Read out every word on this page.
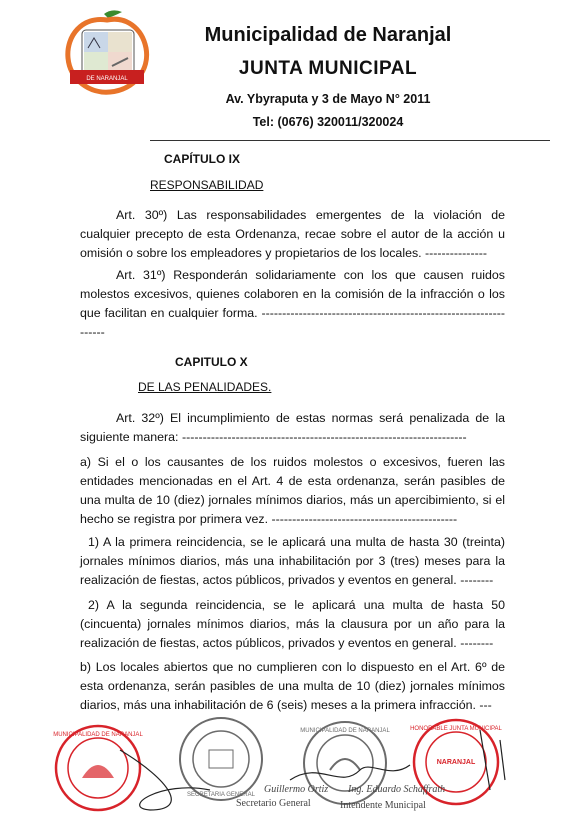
DE NARANJAL
Municipalidad de Naranjal
JUNTA MUNICIPAL
Av. Ybyraputa y 3 de Mayo N° 2011
Tel: (0676) 320011/320024
CAPÍTULO IX
RESPONSABILIDAD
Art. 30º) Las responsabilidades emergentes de la violación de cualquier precepto de esta Ordenanza, recae sobre el autor de la acción u omisión o sobre los empleadores y propietarios de los locales. ---------------
Art. 31º) Responderán solidariamente con los que causen ruidos molestos excesivos, quienes colaboren en la comisión de la infracción o los que facilitan en cualquier forma. -----------------------------------------------------------------
CAPITULO X
DE LAS PENALIDADES.
Art. 32º) El incumplimiento de estas normas será penalizada de la siguiente manera: ---------------------------------------------------------------------
a) Si el o los causantes de los ruidos molestos o excesivos, fueren las entidades mencionadas en el Art. 4 de esta ordenanza, serán pasibles de una multa de 10 (diez) jornales mínimos diarios, más un apercibimiento, si el hecho se registra por primera vez. ---------------------------------------------
1) A la primera reincidencia, se le aplicará una multa de hasta 30 (treinta) jornales mínimos diarios, más una inhabilitación por 3 (tres) meses para la realización de fiestas, actos públicos, privados y eventos en general. --------
2) A la segunda reincidencia, se le aplicará una multa de hasta 50 (cincuenta) jornales mínimos diarios, más la clausura por un año para la realización de fiestas, actos públicos, privados y eventos en general. --------
b) Los locales abiertos que no cumplieren con lo dispuesto en el Art. 6º de esta ordenanza, serán pasibles de una multa de 10 (diez) jornales mínimos diarios, más una inhabilitación de 6 (seis) meses a la primera infracción. ---
MUNICIPALIDAD DE NARANJAL
SECRETARIA GENERAL
MUNICIPALIDAD DE NARANJAL
NARANJAL
HONORABLE JUNTA MUNICIPAL
Guillermo Ortiz
Secretario General
Ing. Eduardo Schaffrath
Intendente Municipal
